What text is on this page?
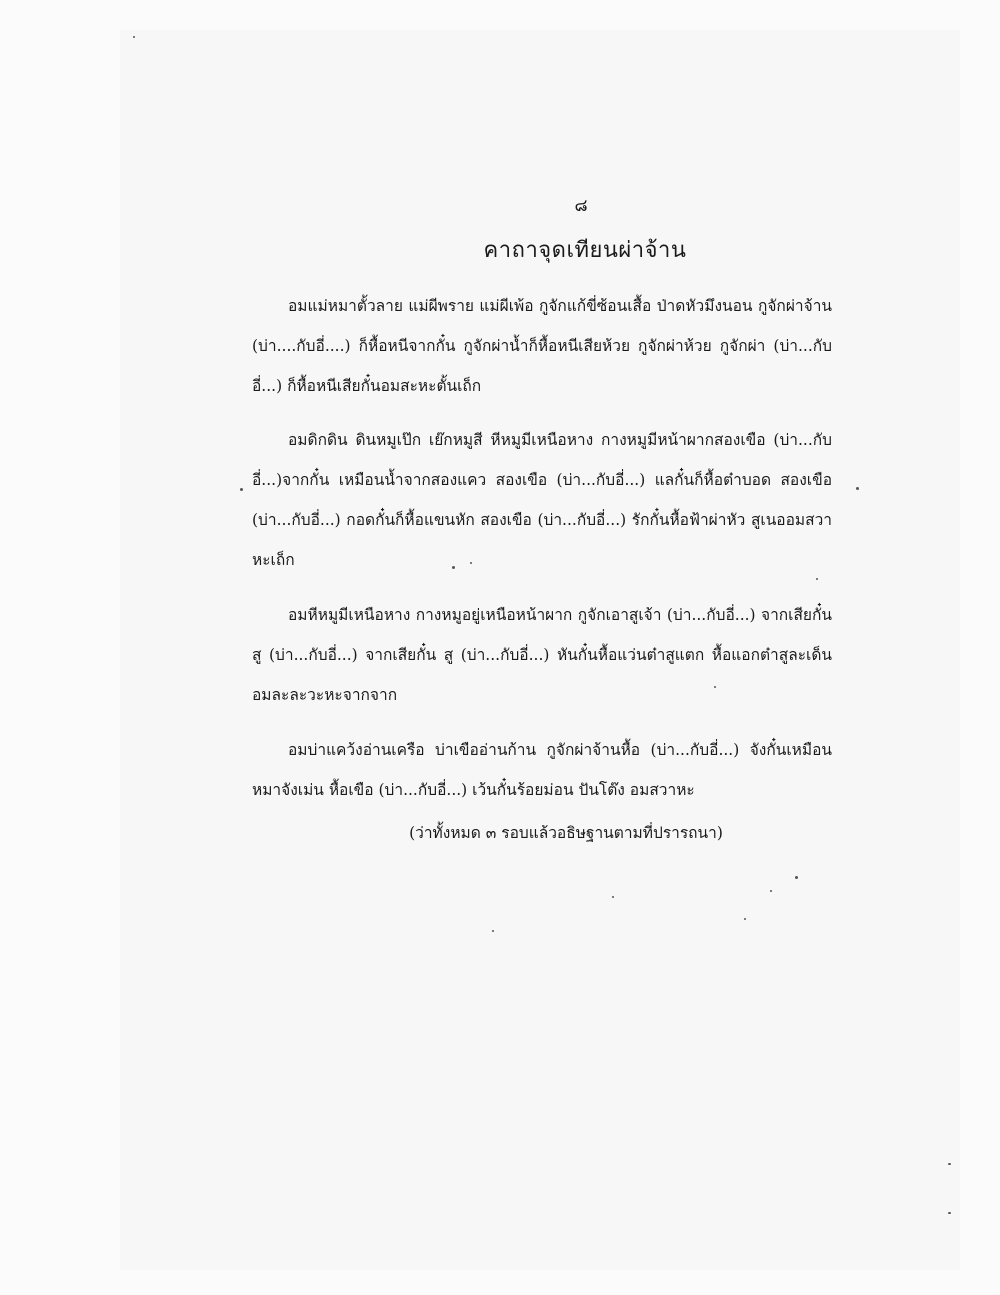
๘
คาถาจุดเทียนผ่าจ้าน

อมแม่หมาตั้วลาย แม่ผีพราย แม่ผีเพ้อ กูจักแก้ขี่ซ้อนเสื้อ ป่าดหัวมึงนอน กูจักผ่าจ้าน (บ่า....กับอี่....) ก็หื้อหนีจากกั๋น กูจักผ่าน้ำก็หื้อหนีเสียห้วย กูจักผ่าห้วย กูจักผ่า (บ่า...กับอี่...) ก็หื้อหนีเสียกั๋นอมสะหะตั้นเถ็ก

อมดิกดิน ดินหมูเป๊ก เย๊กหมูสี หีหมูมีเหนือหาง กางหมูมีหน้าผากสองเขือ (บ่า...กับอี่...)จากกั๋น เหมือนน้ำจากสองแคว สองเขือ (บ่า...กับอี่...) แลกั๋นก็หื้อต๋าบอด สองเขือ (บ่า...กับอี่...) กอดกั๋นก็หื้อแขนหัก สองเขือ (บ่า...กับอี่...) รักกั๋นหื้อฟ้าผ่าหัว สูเนออมสวาหะเถ็ก

อมหีหมูมีเหนือหาง กางหมูอยู่เหนือหน้าผาก กูจักเอาสูเจ้า (บ่า...กับอี่...) จากเสียกั๋น สู (บ่า...กับอี่...) จากเสียกั๋น สู (บ่า...กับอี่...) หันกั๋นหื้อแว่นต๋าสูแตก หื้อแอกต๋าสูละเด็น อมละละวะหะจากจาก

อมบ่าแคว้งอ่านเครือ บ่าเขืออ่านก้าน กูจักผ่าจ้านหื้อ (บ่า...กับอี่...) จังกั๋นเหมือนหมาจังเม่น หื้อเขือ (บ่า...กับอี่...) เว้นกั๋นร้อยม่อน ปันโต๊ง อมสวาหะ

(ว่าทั้งหมด ๓ รอบแล้วอธิษฐานตามที่ปรารถนา)
